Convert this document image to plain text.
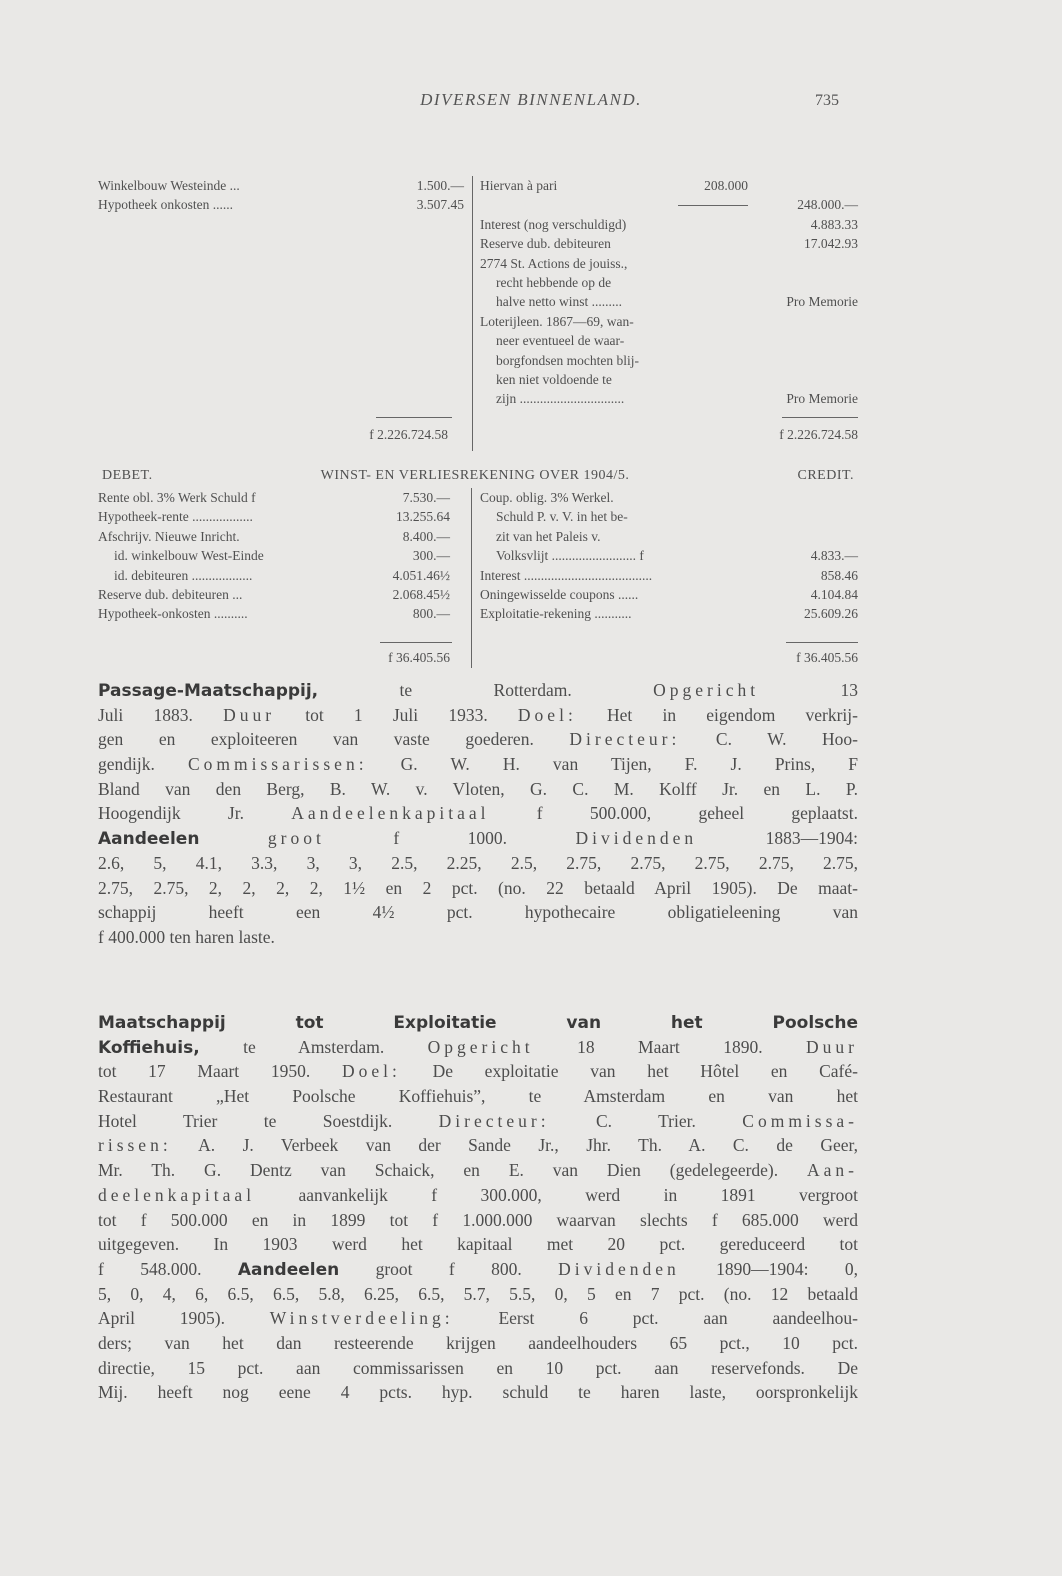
DIVERSEN BINNENLAND.	735
Winkelbouw Westeinde ...	1.500.—
Hypotheek onkosten ......	3.507.45
Hiervan à pari	208.000
248.000.—
Interest (nog verschuldigd)	4.883.33
Reserve dub. debiteuren	17.042.93
2774 St. Actions de jouiss.,
recht hebbende op de
halve netto winst .........	Pro Memorie
Loterijleen. 1867—69, wan-
neer eventueel de waar-
borgfondsen mochten blij-
ken niet voldoende te
zijn ...............................	Pro Memorie
f 2.226.724.58	f 2.226.724.58
DEBET.	WINST- EN VERLIESREKENING OVER 1904/5.	CREDIT.
Rente obl. 3% Werk Schuld f	7.530.—
Hypotheek-rente ..................	13.255.64
Afschrijv. Nieuwe Inricht.	8.400.—
id. winkelbouw West-Einde	300.—
id. debiteuren ..................	4.051.46½
Reserve dub. debiteuren ...	2.068.45½
Hypotheek-onkosten ..........	800.—
Coup. oblig. 3% Werkel.
Schuld P. v. V. in het be-
zit van het Paleis v.
Volksvlijt ......................... f	4.833.—
Interest ......................................	858.46
Oningewisselde coupons ......	4.104.84
Exploitatie-rekening ...........	25.609.26
f 36.405.56	f 36.405.56
Passage-Maatschappij, te Rotterdam. Opgericht 13
Juli 1883. Duur tot 1 Juli 1933. Doel: Het in eigendom verkrij-
gen en exploiteeren van vaste goederen. Directeur: C. W. Hoo-
gendijk. Commissarissen: G. W. H. van Tijen, F. J. Prins, F
Bland van den Berg, B. W. v. Vloten, G. C. M. Kolff Jr. en L. P.
Hoogendijk Jr. Aandeelenkapitaal f 500.000, geheel geplaatst.
Aandeelen	groot f 1000. Dividenden 1883—1904:
2.6, 5, 4.1, 3.3, 3, 3, 2.5, 2.25, 2.5, 2.75, 2.75, 2.75, 2.75, 2.75,
2.75, 2.75, 2, 2, 2, 2, 1½ en 2 pct. (no. 22 betaald April 1905). De maat-
schappij heeft een 4½ pct. hypothecaire obligatieleening van
f 400.000 ten haren laste.
Maatschappij tot Exploitatie van het Poolsche
Koffiehuis, te Amsterdam. Opgericht 18 Maart 1890. Duur
tot 17 Maart 1950. Doel: De exploitatie van het Hôtel en Café-
Restaurant „Het Poolsche Koffiehuis”, te Amsterdam en van het
Hotel Trier te Soestdijk. Directeur: C. Trier. Commissa-
rissen: A. J. Verbeek van der Sande Jr., Jhr. Th. A. C. de Geer,
Mr. Th. G. Dentz van Schaick, en E. van Dien (gedelegeerde). Aan-
deelenkapitaal aanvankelijk f 300.000, werd in 1891 vergroot
tot f 500.000 en in 1899 tot f 1.000.000 waarvan slechts f 685.000 werd
uitgegeven. In 1903 werd het kapitaal met 20 pct. gereduceerd tot
f 548.000. Aandeelen groot f 800. Dividenden 1890—1904: 0,
5, 0, 4, 6, 6.5, 6.5, 5.8, 6.25, 6.5, 5.7, 5.5, 0, 5 en 7 pct. (no. 12 betaald
April 1905). Winstverdeeling: Eerst 6 pct. aan aandeelhou-
ders; van het dan resteerende krijgen aandeelhouders 65 pct., 10 pct.
directie, 15 pct. aan commissarissen en 10 pct. aan reservefonds. De
Mij. heeft nog eene 4 pcts. hyp. schuld te haren laste, oorspronkelijk
